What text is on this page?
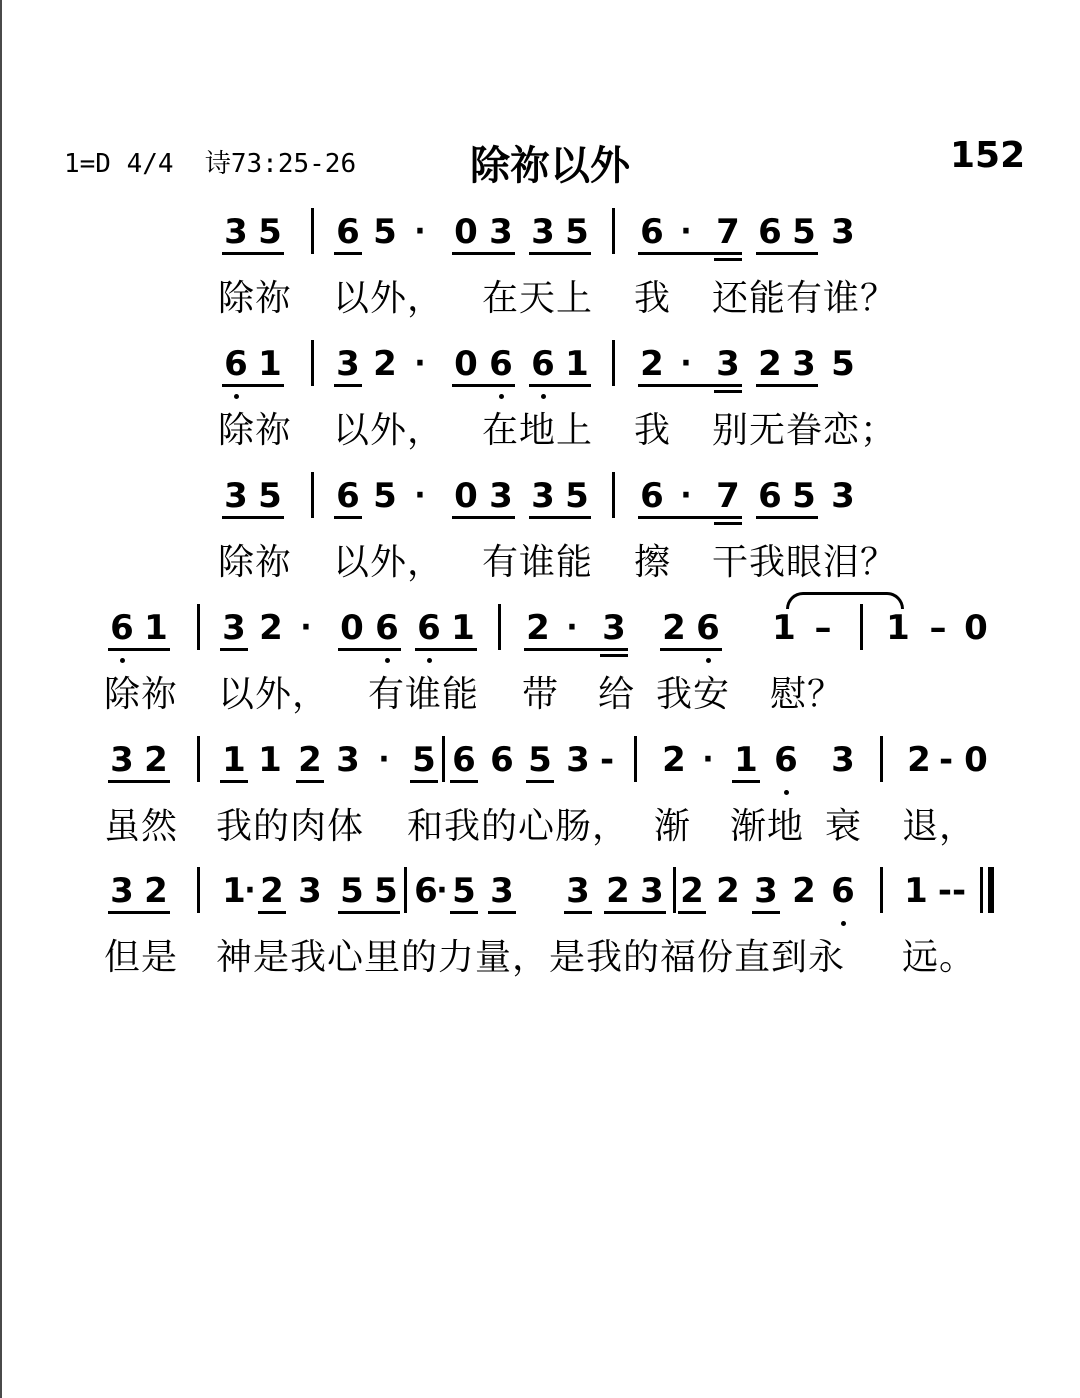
1=D 4/4  诗73:25-26	除祢以外	152
3 5 6 5 · 0 3 3 5 6 · 7 6 5 3
除祢 以外， 在天上 我 还能有谁？
6 1 3 2 · 0 6 6 1 2 · 3 2 3 5
除祢 以外， 在地上 我 别无眷恋；
3 5 6 5 · 0 3 3 5 6 · 7 6 5 3
除祢 以外， 有谁能 擦 干我眼泪？
6 1 3 2 · 0 6 6 1 2 · 3 2 6 1 – 1 – 0
除祢 以外， 有谁能 带 给 我安 慰？
3 2 1 1 2 3 · 5 6 6 5 3 - 2 · 1 6 3 2 - 0
虽然 我的肉体 和我的心肠， 渐 渐地 衰 退，
3 2 1
· 2 3 5 5 6
· 5 3 3 2 3 2 2 3 2 6 1 --
但是 神是我心里的力量，是我的福份直到永 远。
